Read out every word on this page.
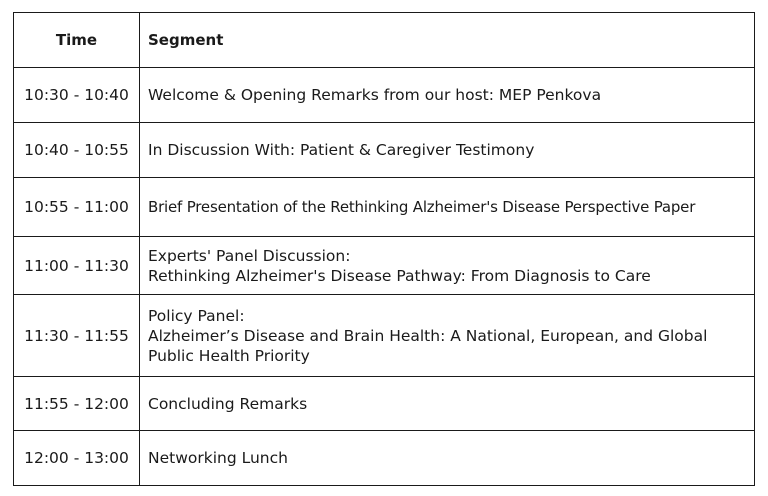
Time	Segment
10:30 - 10:40	Welcome & Opening Remarks from our host: MEP Penkova

10:40 - 10:55	In Discussion With: Patient & Caregiver Testimony

10:55 - 11:00	Brief Presentation of the Rethinking Alzheimer's Disease Perspective Paper

11:00 - 11:30	Experts' Panel Discussion:
Rethinking Alzheimer's Disease Pathway: From Diagnosis to Care

11:30 - 11:55	Policy Panel:
Alzheimer’s Disease and Brain Health: A National, European, and Global
Public Health Priority

11:55 - 12:00	Concluding Remarks

12:00 - 13:00	Networking Lunch
